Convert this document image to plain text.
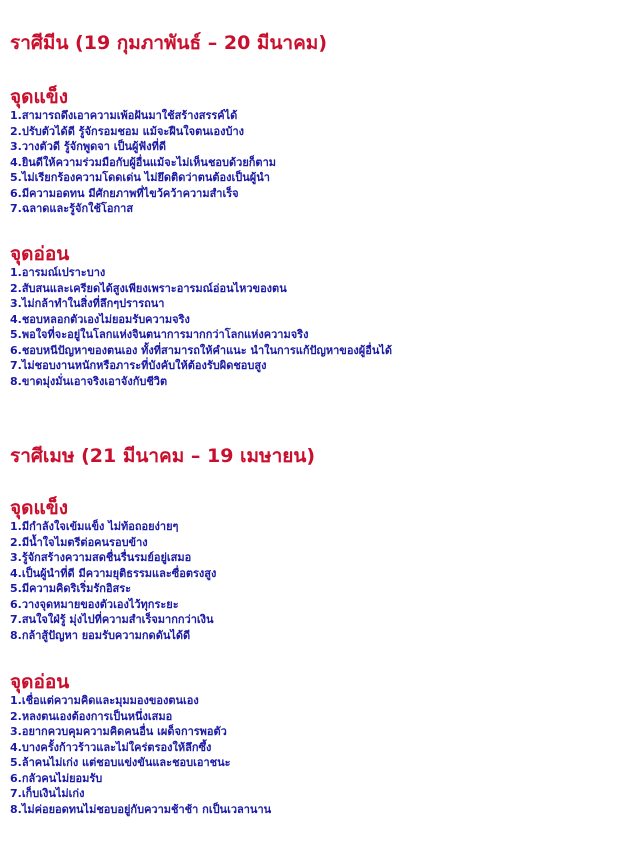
ราศีมีน (19 กุมภาพันธ์ – 20 มีนาคม)
จุดแข็ง
1.สามารถดึงเอาความเพ้อฝันมาใช้สร้างสรรค์ได้
2.ปรับตัวได้ดี รู้จักรอมชอม แม้จะฝืนใจตนเองบ้าง
3.วางตัวดี รู้จักพูดจา เป็นผู้ฟังที่ดี
4.ยินดีให้ความร่วมมือกับผู้อื่นแม้จะไม่เห็นชอบด้วยก็ตาม
5.ไม่เรียกร้องความโดดเด่น ไม่ยึดติดว่าตนต้องเป็นผู้นำ
6.มีความอดทน มีศักยภาพที่ไขว้คว้าความสำเร็จ
7.ฉลาดและรู้จักใช้โอกาส
จุดอ่อน
1.อารมณ์เปราะบาง
2.สับสนและเครียดได้สูงเพียงเพราะอารมณ์อ่อนไหวของตน
3.ไม่กล้าทำในสิ่งที่ลึกๆปรารถนา
4.ชอบหลอกตัวเองไม่ยอมรับความจริง
5.พอใจที่จะอยู่ในโลกแห่งจินตนาการมากกว่าโลกแห่งความจริง
6.ชอบหนีปัญหาของตนเอง ทั้งที่สามารถให้คำแนะ นำในการแก้ปัญหาของผู้อื่นได้
7.ไม่ชอบงานหนักหรือภาระที่บังคับให้ต้องรับผิดชอบสูง
8.ขาดมุ่งมั่นเอาจริงเอาจังกับชีวิต
ราศีเมษ (21 มีนาคม – 19 เมษายน)
จุดแข็ง
1.มีกำลังใจเข้มแข็ง ไม่ท้อถอยง่ายๆ
2.มีน้ำใจไมตรีต่อคนรอบข้าง
3.รู้จักสร้างความสดชื่นรื่นรมย์อยู่เสมอ
4.เป็นผู้นำที่ดี มีความยุติธรรมและซื่อตรงสูง
5.มีความคิดริเริ่มรักอิสระ
6.วางจุดหมายของตัวเองไว้ทุกระยะ
7.สนใจใฝ่รู้ มุ่งไปที่ความสำเร็จมากกว่าเงิน
8.กล้าสู้ปัญหา ยอมรับความกดดันได้ดี
จุดอ่อน
1.เชื่อแต่ความคิดและมุมมองของตนเอง
2.หลงตนเองต้องการเป็นหนึ่งเสมอ
3.อยากควบคุมความคิดคนอื่น เผด็จการพอตัว
4.บางครั้งก้าวร้าวและไม่ใคร่ตรองให้ลึกซึ้ง
5.ล้าคนไม่เก่ง แต่ชอบแข่งขันและชอบเอาชนะ
6.กลัวคนไม่ยอมรับ
7.เก็บเงินไม่เก่ง
8.ไม่ค่อยอดทนไม่ชอบอยู่กับความช้าช้า กเป็นเวลานาน
